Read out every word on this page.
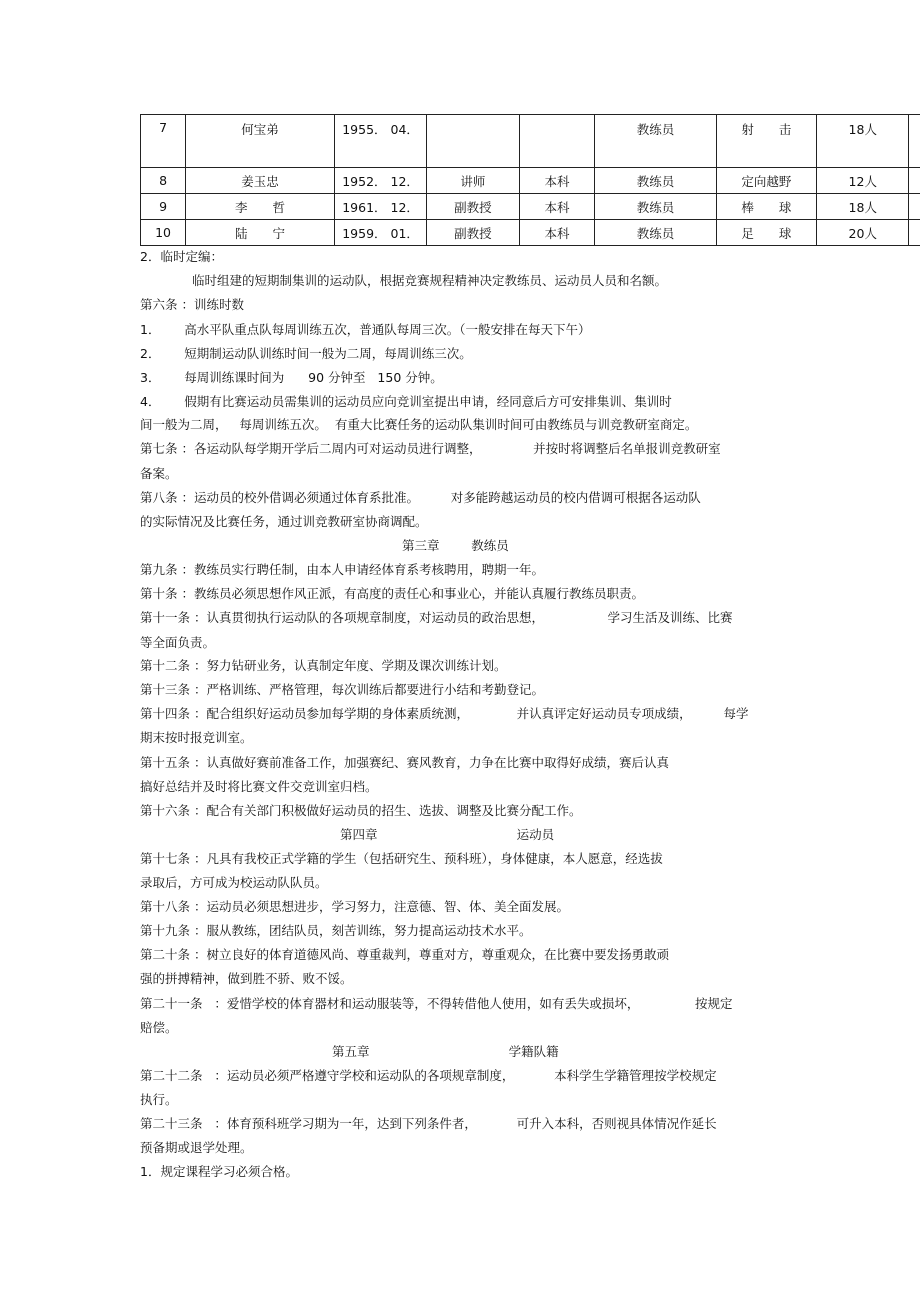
7	何宝弟	1955． 04．			教练员	射　　击	18人	
8	姜玉忠	1952． 12．	讲师	本科	教练员	定向越野	12人	
9	李　　哲	1961． 12．	副教授	本科	教练员	棒　　球	18人	
10	陆　　宁	1959． 01．	副教授	本科	教练员	足　　球	20人	
2．临时定编：
临时组建的短期制集训的运动队，根据竞赛规程精神决定教练员、运动员人员和名额。
第六条 ：训练时数
1．      高水平队重点队每周训练五次，普通队每周三次。（一般安排在每天下午）
2．      短期制运动队训练时间一般为二周，每周训练三次。
3．      每周训练课时间为      90 分钟至   150 分钟。
4．      假期有比赛运动员需集训的运动员应向竞训室提出申请，经同意后方可安排集训、集训时
间一般为二周，   每周训练五次。  有重大比赛任务的运动队集训时间可由教练员与训竞教研室商定。
第七条 ：各运动队每学期开学后二周内可对运动员进行调整，             并按时将调整后名单报训竞教研室
备案。
第八条 ：运动员的校外借调必须通过体育系批准。        对多能跨越运动员的校内借调可根据各运动队
的实际情况及比赛任务，通过训竞教研室协商调配。
第三章        教练员
第九条 ：教练员实行聘任制，由本人申请经体育系考核聘用，聘期一年。
第十条 ：教练员必须思想作风正派，有高度的责任心和事业心，并能认真履行教练员职责。
第十一条 ：认真贯彻执行运动队的各项规章制度，对运动员的政治思想，                学习生活及训练、比赛
等全面负责。
第十二条 ：努力钻研业务，认真制定年度、学期及课次训练计划。
第十三条 ：严格训练、严格管理，每次训练后都要进行小结和考勤登记。
第十四条 ：配合组织好运动员参加每学期的身体素质统测，            并认真评定好运动员专项成绩，        每学
期末按时报竞训室。
第十五条 ：认真做好赛前准备工作，加强赛纪、赛风教育，力争在比赛中取得好成绩，赛后认真
搞好总结并及时将比赛文件交竞训室归档。
第十六条 ：配合有关部门积极做好运动员的招生、选拔、调整及比赛分配工作。
第四章                                   运动员
第十七条 ：凡具有我校正式学籍的学生（包括研究生、预科班），身体健康，本人愿意，经选拔
录取后，方可成为校运动队队员。
第十八条 ：运动员必须思想进步，学习努力，注意德、智、体、美全面发展。
第十九条 ：服从教练，团结队员，刻苦训练，努力提高运动技术水平。
第二十条 ：树立良好的体育道德风尚、尊重裁判，尊重对方，尊重观众，在比赛中要发扬勇敢顽
强的拼搏精神，做到胜不骄、败不馁。
第二十一条   ：爱惜学校的体育器材和运动服装等，不得转借他人使用，如有丢失或损坏，              按规定
赔偿。
第五章                                   学籍队籍
第二十二条   ：运动员必须严格遵守学校和运动队的各项规章制度，          本科学生学籍管理按学校规定
执行。
第二十三条   ：体育预科班学习期为一年，达到下列条件者，          可升入本科，否则视具体情况作延长
预备期或退学处理。
1．规定课程学习必须合格。
